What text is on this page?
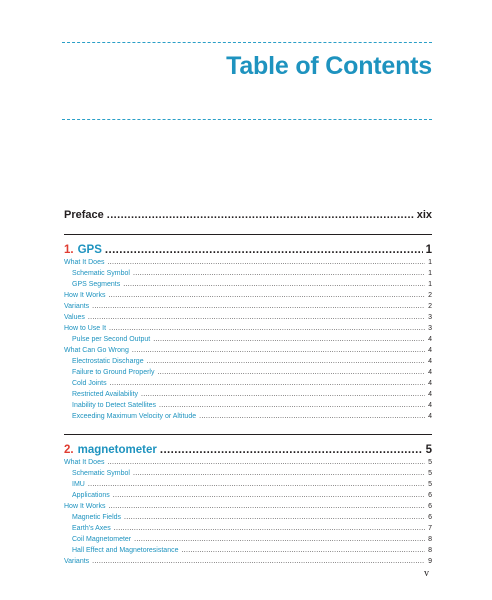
Table of Contents
Preface .....	xix
1. GPS .....	1
What It Does .....	1
Schematic Symbol .....	1
GPS Segments .....	1
How It Works .....	2
Variants .....	2
Values .....	3
How to Use It .....	3
Pulse per Second Output .....	4
What Can Go Wrong .....	4
Electrostatic Discharge .....	4
Failure to Ground Properly .....	4
Cold Joints .....	4
Restricted Availability .....	4
Inability to Detect Satellites .....	4
Exceeding Maximum Velocity or Altitude .....	4
2. magnetometer .....	5
What It Does .....	5
Schematic Symbol .....	5
IMU .....	5
Applications .....	6
How It Works .....	6
Magnetic Fields .....	6
Earth's Axes .....	7
Coil Magnetometer .....	8
Hall Effect and Magnetoresistance .....	8
Variants .....	9
v
